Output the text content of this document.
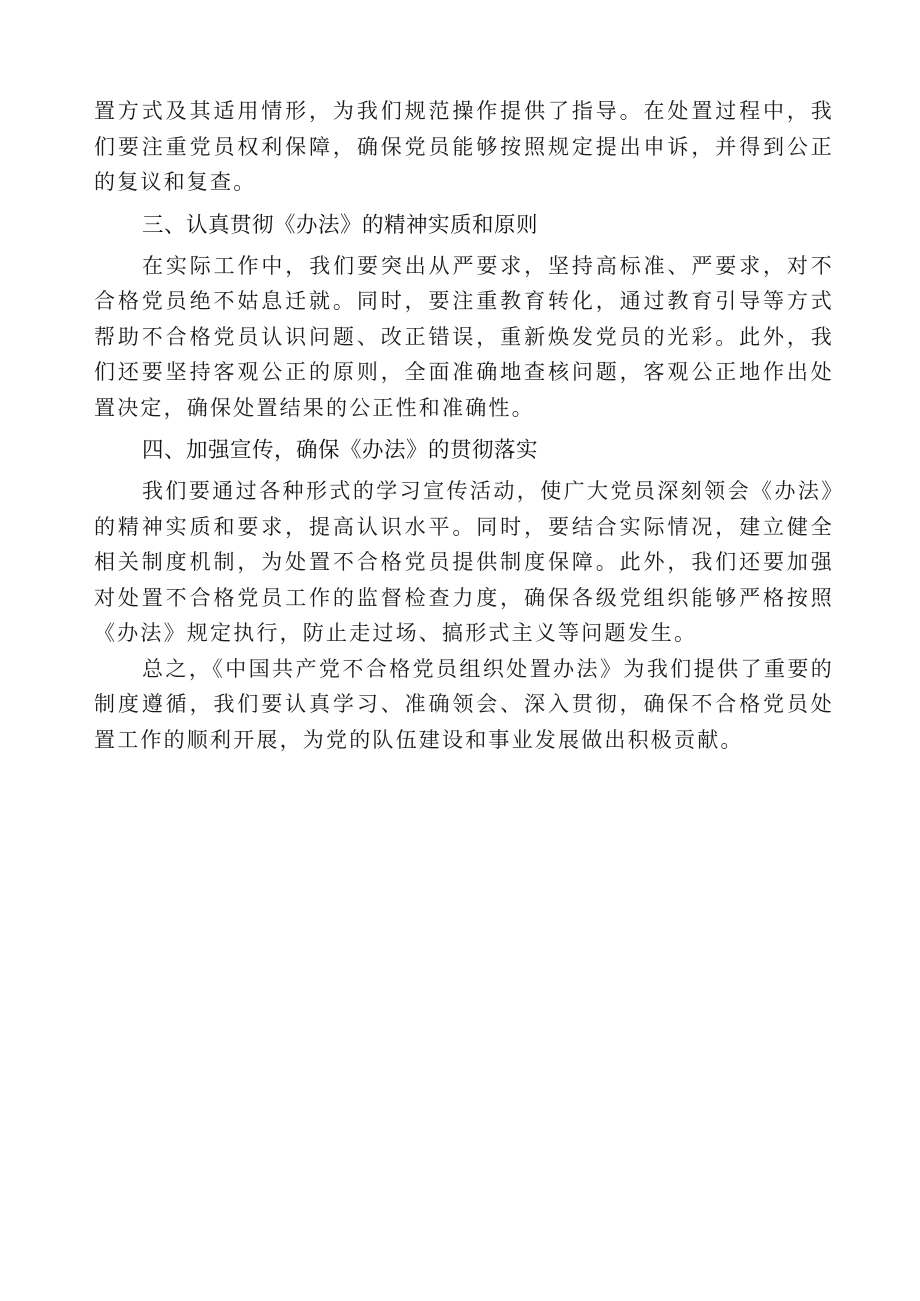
置方式及其适用情形，为我们规范操作提供了指导。在处置过程中，我们要注重党员权利保障，确保党员能够按照规定提出申诉，并得到公正的复议和复查。

三、认真贯彻《办法》的精神实质和原则

在实际工作中，我们要突出从严要求，坚持高标准、严要求，对不合格党员绝不姑息迁就。同时，要注重教育转化，通过教育引导等方式帮助不合格党员认识问题、改正错误，重新焕发党员的光彩。此外，我们还要坚持客观公正的原则，全面准确地查核问题，客观公正地作出处置决定，确保处置结果的公正性和准确性。

四、加强宣传，确保《办法》的贯彻落实

我们要通过各种形式的学习宣传活动，使广大党员深刻领会《办法》的精神实质和要求，提高认识水平。同时，要结合实际情况，建立健全相关制度机制，为处置不合格党员提供制度保障。此外，我们还要加强对处置不合格党员工作的监督检查力度，确保各级党组织能够严格按照《办法》规定执行，防止走过场、搞形式主义等问题发生。

总之，《中国共产党不合格党员组织处置办法》为我们提供了重要的制度遵循，我们要认真学习、准确领会、深入贯彻，确保不合格党员处置工作的顺利开展，为党的队伍建设和事业发展做出积极贡献。
